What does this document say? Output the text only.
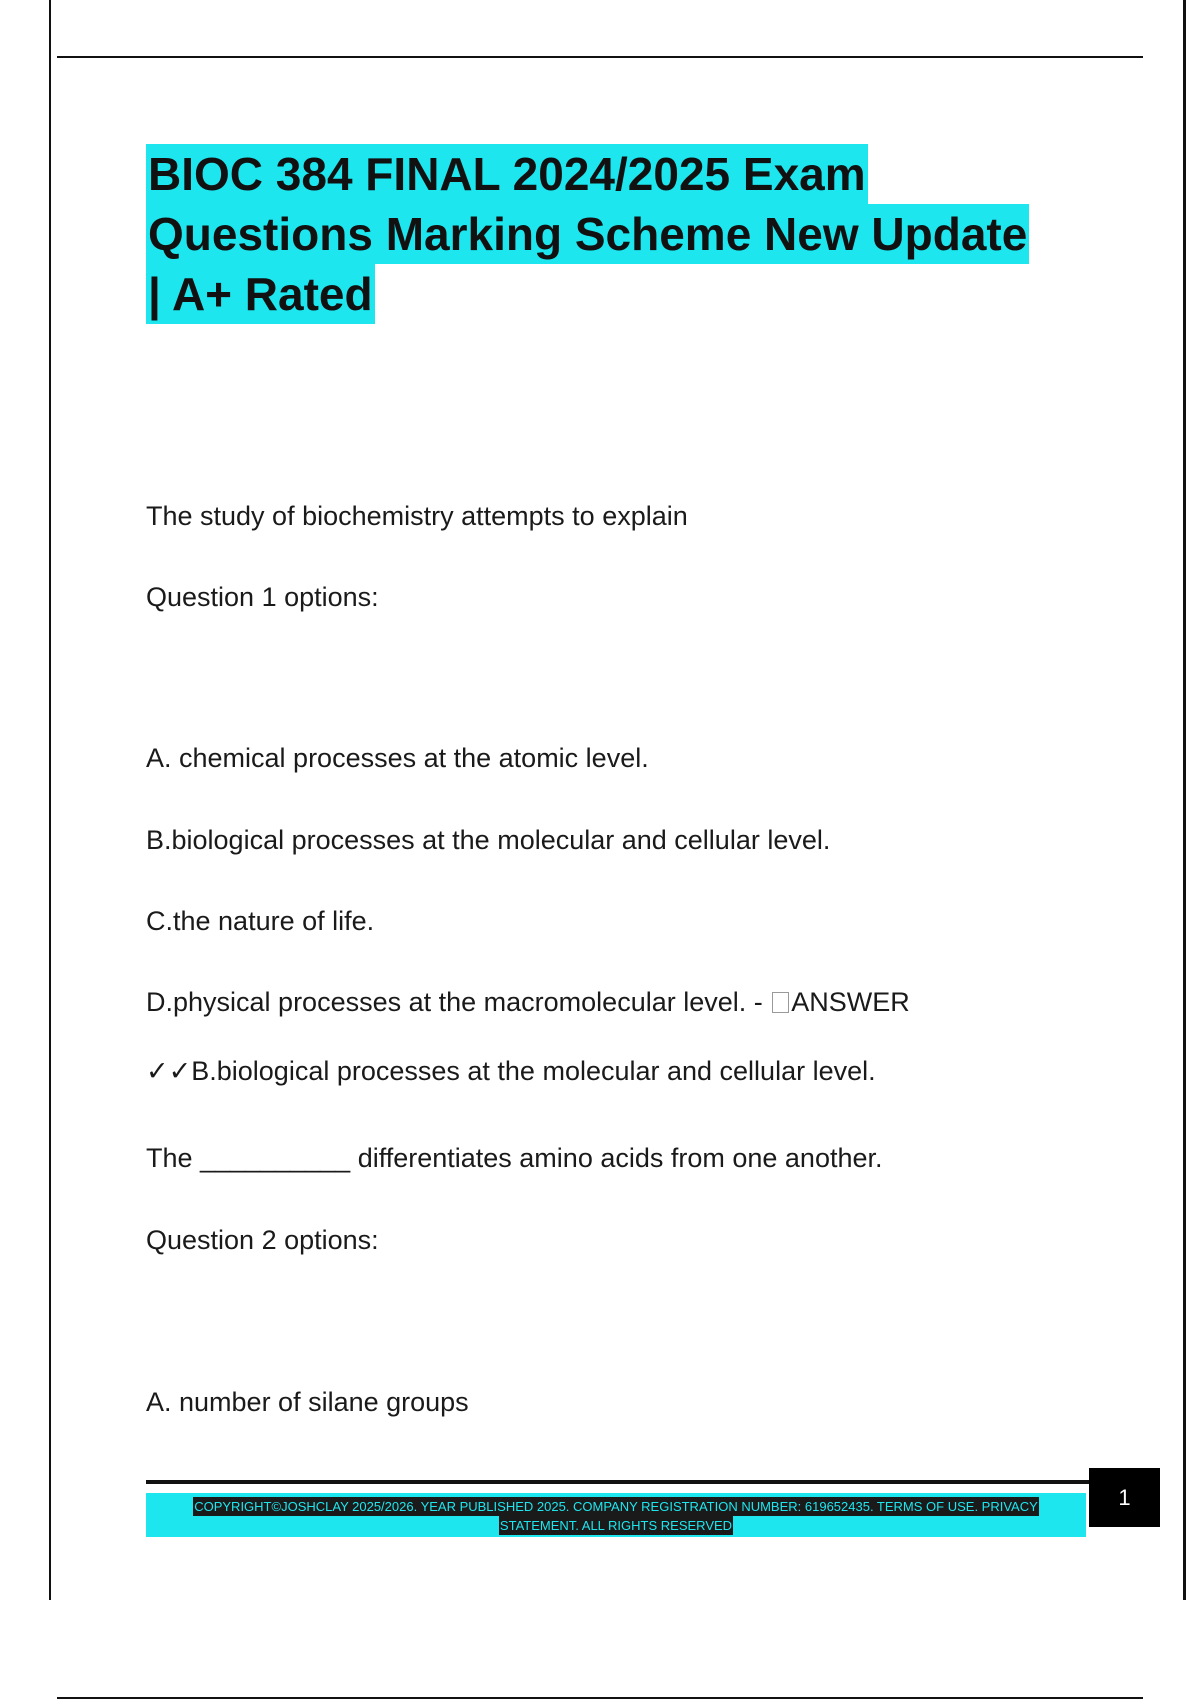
BIOC 384 FINAL 2024/2025 Exam
Questions Marking Scheme New Update
| A+ Rated
The study of biochemistry attempts to explain
Question 1 options:
A. chemical processes at the atomic level.
B.biological processes at the molecular and cellular level.
C.the nature of life.
D.physical processes at the macromolecular level. - ANSWER
✓✓B.biological processes at the molecular and cellular level.
The __________ differentiates amino acids from one another.
Question 2 options:
A. number of silane groups
COPYRIGHT©JOSHCLAY 2025/2026. YEAR PUBLISHED 2025. COMPANY REGISTRATION NUMBER: 619652435. TERMS OF USE. PRIVACY
STATEMENT. ALL RIGHTS RESERVED
1
